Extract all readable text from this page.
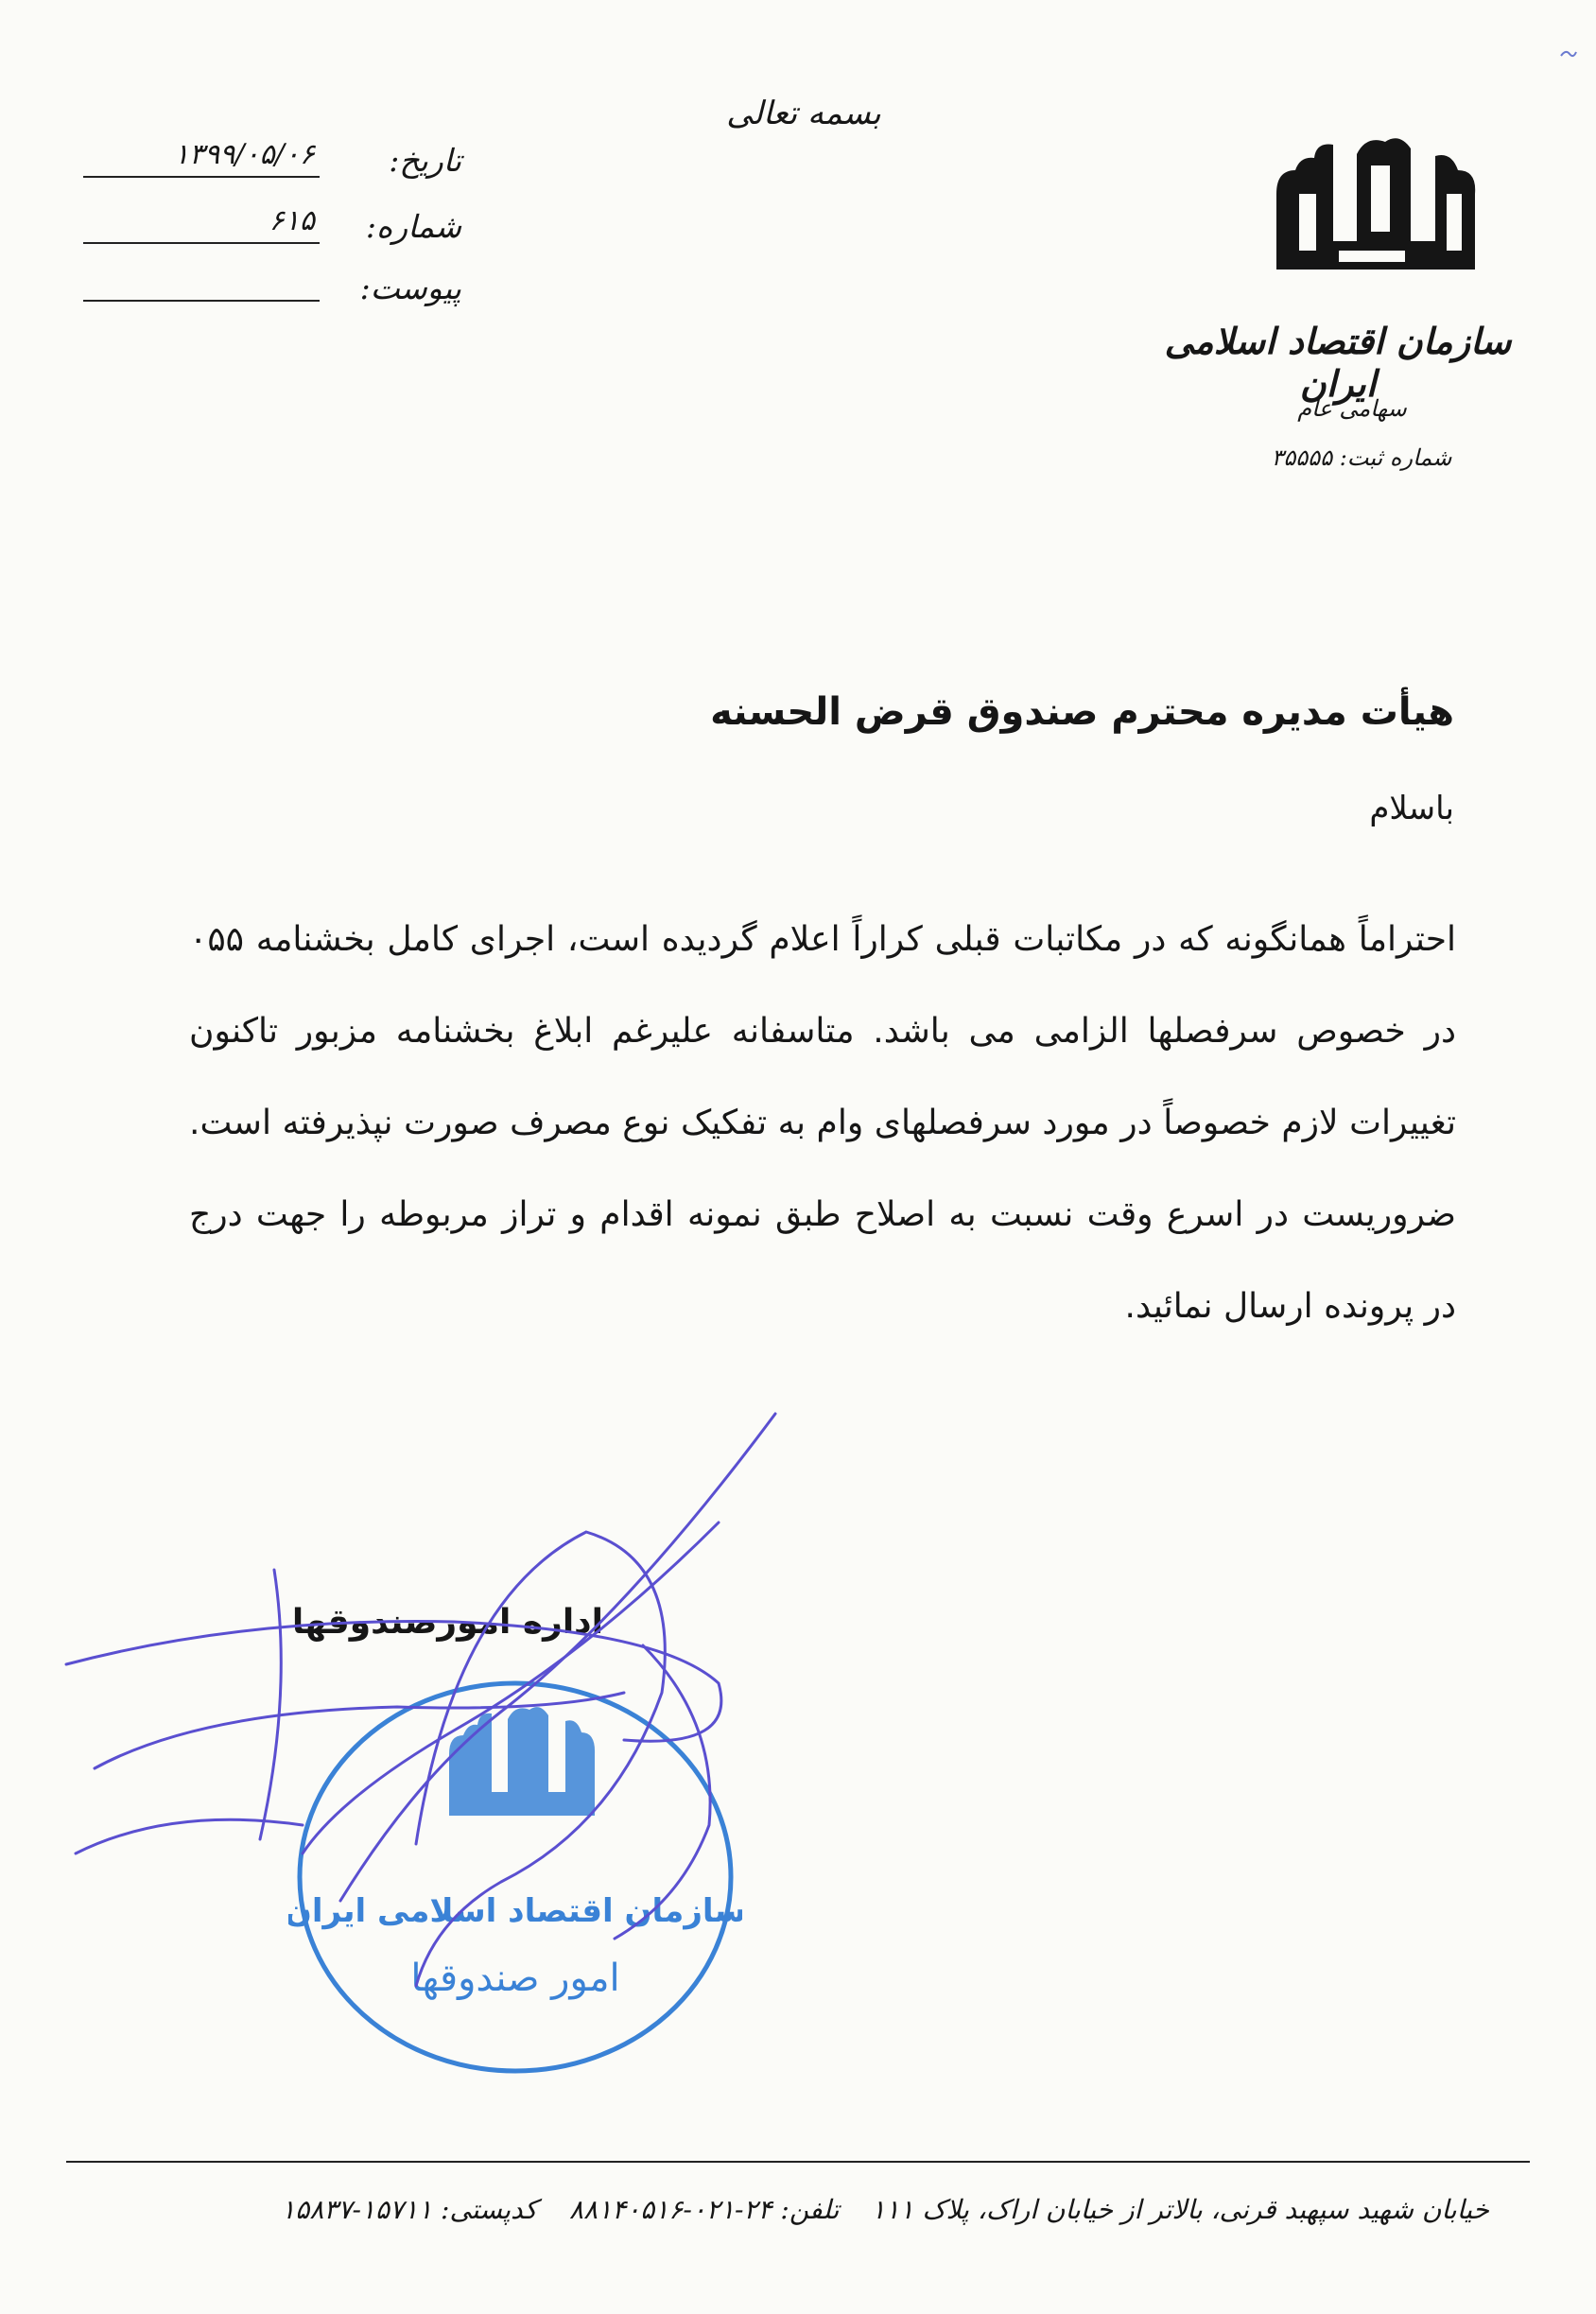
بسمه تعالی
تاریخ:
۱۳۹۹/۰۵/۰۶
شماره:
۶۱۵
پیوست:
سازمان اقتصاد اسلامی ایران
سهامی عام
شماره ثبت: ۳۵۵۵۵
هیأت مدیره محترم صندوق قرض الحسنه
باسلام

احتراماً همانگونه که در مکاتبات قبلی کراراً اعلام گردیده است، اجرای کامل بخشنامه ۰۵۵ در خصوص سرفصلها الزامی می باشد. متاسفانه علیرغم ابلاغ بخشنامه مزبور تاکنون تغییرات لازم خصوصاً در مورد سرفصلهای وام به تفکیک نوع مصرف صورت نپذیرفته است. ضروریست در اسرع وقت نسبت به اصلاح طبق نمونه اقدام و تراز مربوطه را جهت درج در پرونده ارسال نمائید.

اداره امورصندوقها
سازمان اقتصاد اسلامی ایران
امور صندوقها
خیابان شهید سپهبد قرنی، بالاتر از خیابان اراک، پلاک ۱۱۱تلفن: ۲۴-۰۲۱-۸۸۱۴۰۵۱۶کدپستی: ۱۵۷۱۱-۱۵۸۳۷
